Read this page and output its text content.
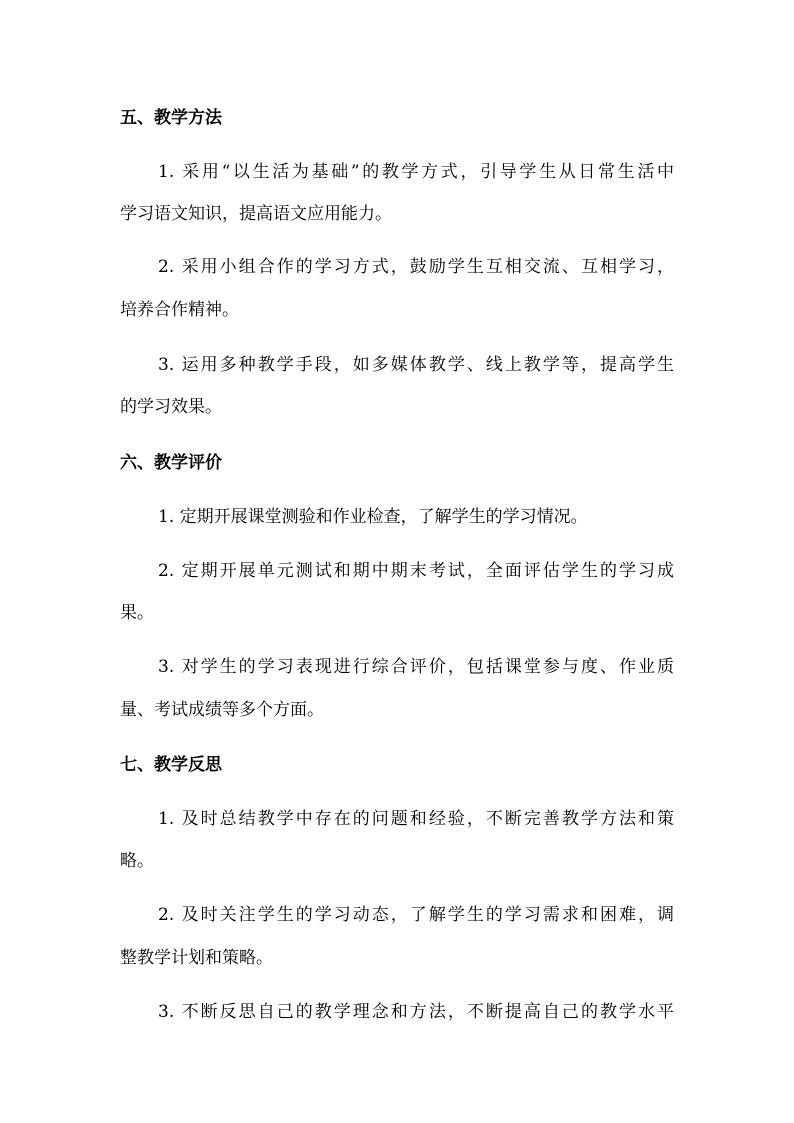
五、教学方法
1. 采用“以生活为基础”的教学方式，引导学生从日常生活中
学习语文知识，提高语文应用能力。
2. 采用小组合作的学习方式，鼓励学生互相交流、互相学习，
培养合作精神。
3. 运用多种教学手段，如多媒体教学、线上教学等，提高学生
的学习效果。
六、教学评价
1. 定期开展课堂测验和作业检查，了解学生的学习情况。
2. 定期开展单元测试和期中期末考试，全面评估学生的学习成
果。
3. 对学生的学习表现进行综合评价，包括课堂参与度、作业质
量、考试成绩等多个方面。
七、教学反思
1. 及时总结教学中存在的问题和经验，不断完善教学方法和策
略。
2. 及时关注学生的学习动态，了解学生的学习需求和困难，调
整教学计划和策略。
3. 不断反思自己的教学理念和方法，不断提高自己的教学水平
